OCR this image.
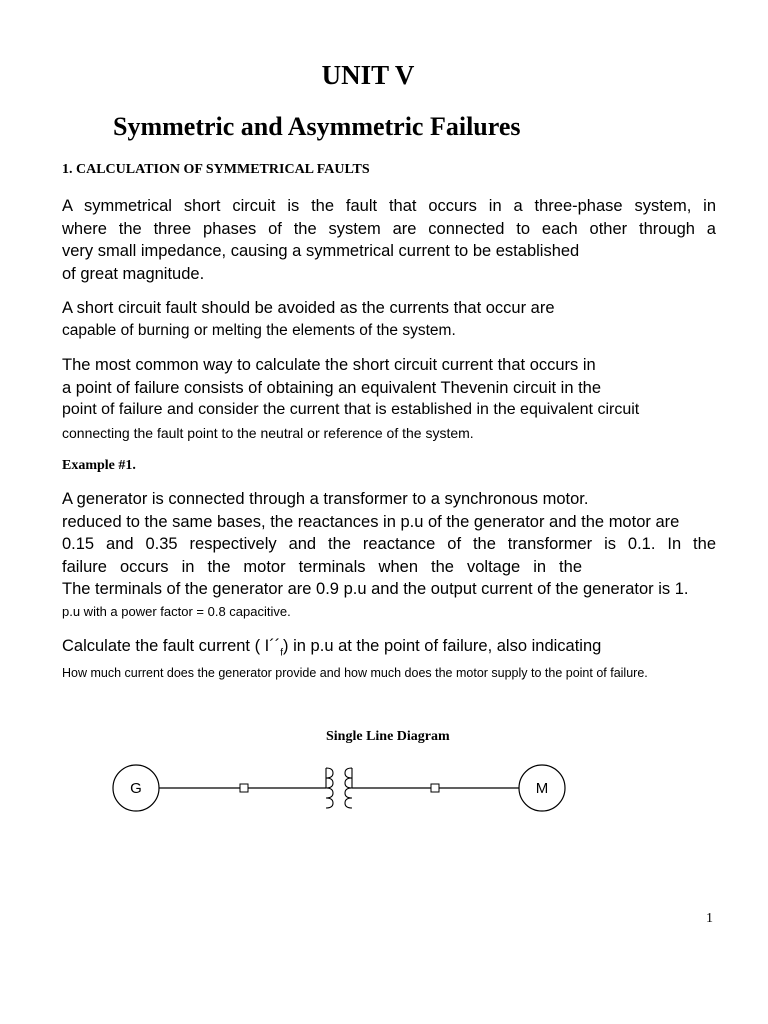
UNIT V
Symmetric and Asymmetric Failures
1. CALCULATION OF SYMMETRICAL FAULTS
A symmetrical short circuit is the fault that occurs in a three-phase system, in
where the three phases of the system are connected to each other through a
very small impedance, causing a symmetrical current to be established
of great magnitude.
A short circuit fault should be avoided as the currents that occur are
capable of burning or melting the elements of the system.
The most common way to calculate the short circuit current that occurs in
a point of failure consists of obtaining an equivalent Thevenin circuit in the
point of failure and consider the current that is established in the equivalent circuit
connecting the fault point to the neutral or reference of the system.
Example #1.
A generator is connected through a transformer to a synchronous motor.
reduced to the same bases, the reactances in p.u of the generator and the motor are
0.15 and 0.35 respectively and the reactance of the transformer is 0.1. In the
failure occurs in the motor terminals when the voltage in the
The terminals of the generator are 0.9 p.u and the output current of the generator is 1.
p.u with a power factor = 0.8 capacitive.
Calculate the fault current ( $I´´_f$) in p.u at the point of failure, also indicating
How much current does the generator provide and how much does the motor supply to the point of failure.
Single Line Diagram
G	M
1
